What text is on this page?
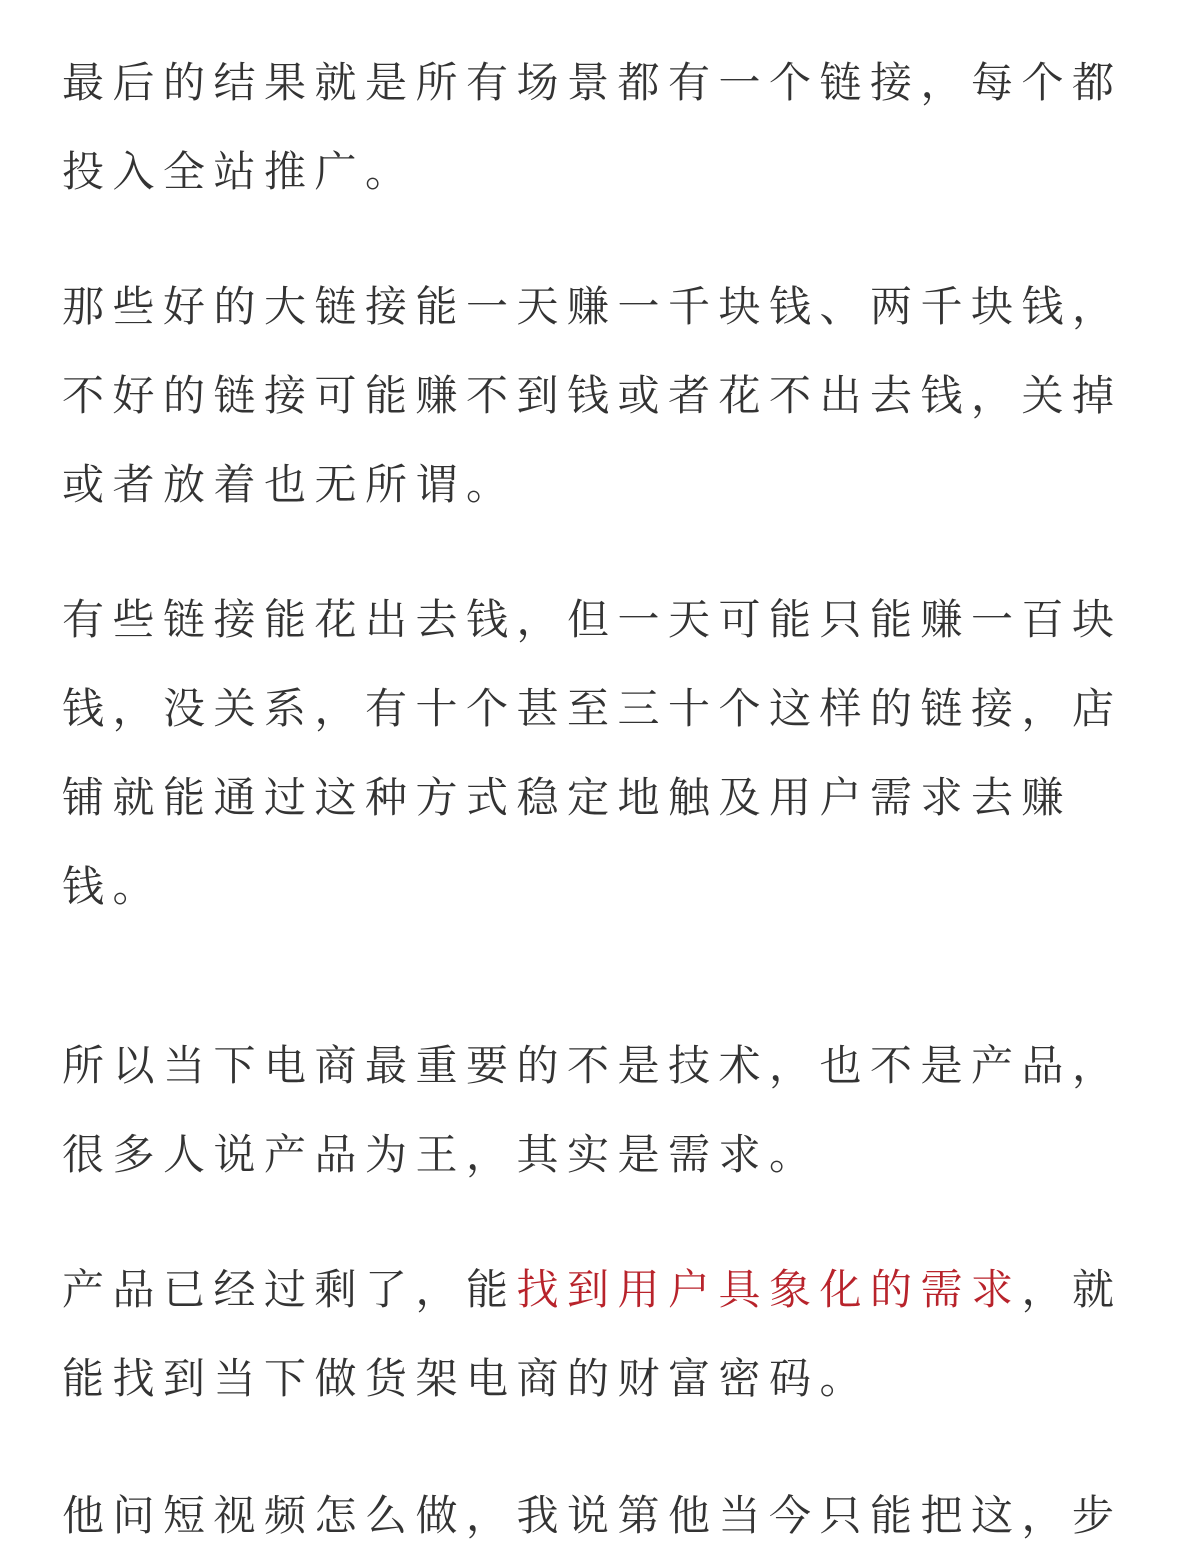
最后的结果就是所有场景都有一个链接，每个都
投入全站推广。

那些好的大链接能一天赚一千块钱、两千块钱，
不好的链接可能赚不到钱或者花不出去钱，关掉
或者放着也无所谓。

有些链接能花出去钱，但一天可能只能赚一百块
钱，没关系，有十个甚至三十个这样的链接，店
铺就能通过这种方式稳定地触及用户需求去赚
钱。

所以当下电商最重要的不是技术，也不是产品，
很多人说产品为王，其实是需求。

产品已经过剩了，能找到用户具象化的需求，就
能找到当下做货架电商的财富密码。

他问短视频怎么做，我说第他当今只能把这，步
